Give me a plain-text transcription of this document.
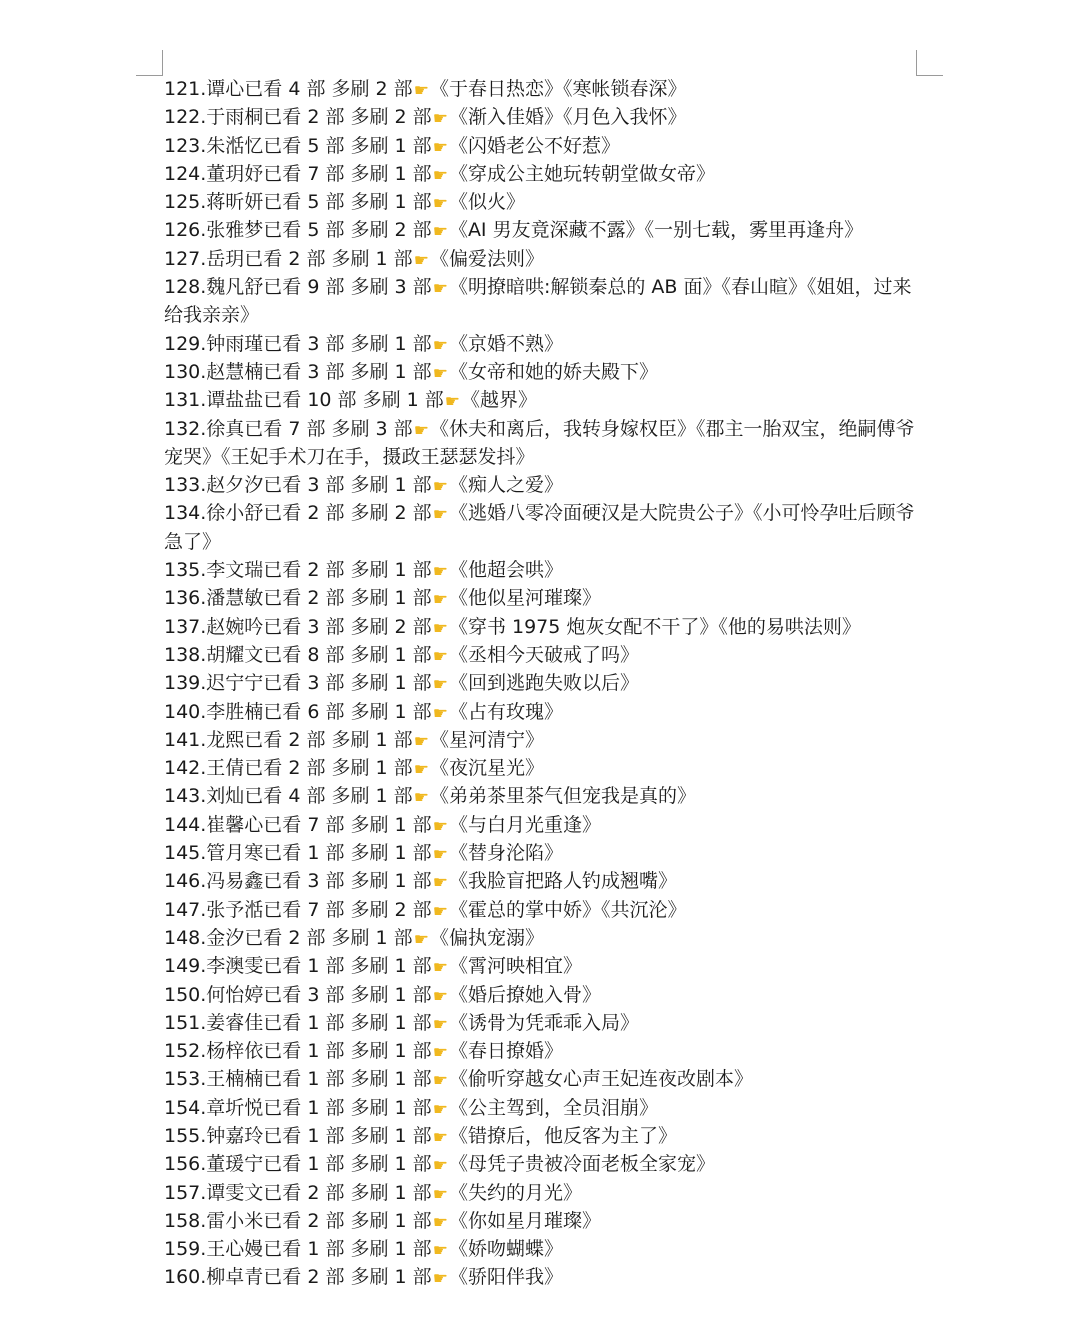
121.谭心已看 4 部 多刷 2 部☛《于春日热恋》《寒帐锁春深》
122.于雨桐已看 2 部 多刷 2 部☛《渐入佳婚》《月色入我怀》
123.朱湉忆已看 5 部 多刷 1 部☛《闪婚老公不好惹》
124.董玥妤已看 7 部 多刷 1 部☛《穿成公主她玩转朝堂做女帝》
125.蒋昕妍已看 5 部 多刷 1 部☛《似火》
126.张雅梦已看 5 部 多刷 2 部☛《AI 男友竟深藏不露》《一别七载，雾里再逢舟》
127.岳玥已看 2 部 多刷 1 部☛《偏爱法则》
128.魏凡舒已看 9 部 多刷 3 部☛《明撩暗哄:解锁秦总的 AB 面》《春山暄》《姐姐，过来给我亲亲》
129.钟雨瑾已看 3 部 多刷 1 部☛《京婚不熟》
130.赵慧楠已看 3 部 多刷 1 部☛《女帝和她的娇夫殿下》
131.谭盐盐已看 10 部 多刷 1 部☛《越界》
132.徐真已看 7 部 多刷 3 部☛《休夫和离后，我转身嫁权臣》《郡主一胎双宝，绝嗣傅爷宠哭》《王妃手术刀在手，摄政王瑟瑟发抖》
133.赵夕汐已看 3 部 多刷 1 部☛《痴人之爱》
134.徐小舒已看 2 部 多刷 2 部☛《逃婚八零冷面硬汉是大院贵公子》《小可怜孕吐后顾爷急了》
135.李文瑞已看 2 部 多刷 1 部☛《他超会哄》
136.潘慧敏已看 2 部 多刷 1 部☛《他似星河璀璨》
137.赵婉吟已看 3 部 多刷 2 部☛《穿书 1975 炮灰女配不干了》《他的易哄法则》
138.胡耀文已看 8 部 多刷 1 部☛《丞相今天破戒了吗》
139.迟宁宁已看 3 部 多刷 1 部☛《回到逃跑失败以后》
140.李胜楠已看 6 部 多刷 1 部☛《占有玫瑰》
141.龙熙已看 2 部 多刷 1 部☛《星河清宁》
142.王倩已看 2 部 多刷 1 部☛《夜沉星光》
143.刘灿已看 4 部 多刷 1 部☛《弟弟茶里茶气但宠我是真的》
144.崔馨心已看 7 部 多刷 1 部☛《与白月光重逢》
145.管月寒已看 1 部 多刷 1 部☛《替身沦陷》
146.冯易鑫已看 3 部 多刷 1 部☛《我脸盲把路人钓成翘嘴》
147.张予湉已看 7 部 多刷 2 部☛《霍总的掌中娇》《共沉沦》
148.金汐已看 2 部 多刷 1 部☛《偏执宠溺》
149.李澳雯已看 1 部 多刷 1 部☛《霄河映相宜》
150.何怡婷已看 3 部 多刷 1 部☛《婚后撩她入骨》
151.姜睿佳已看 1 部 多刷 1 部☛《诱骨为凭乖乖入局》
152.杨梓依已看 1 部 多刷 1 部☛《春日撩婚》
153.王楠楠已看 1 部 多刷 1 部☛《偷听穿越女心声王妃连夜改剧本》
154.章圻悦已看 1 部 多刷 1 部☛《公主驾到，全员泪崩》
155.钟嘉玲已看 1 部 多刷 1 部☛《错撩后，他反客为主了》
156.董瑗宁已看 1 部 多刷 1 部☛《母凭子贵被冷面老板全家宠》
157.谭雯文已看 2 部 多刷 1 部☛《失约的月光》
158.雷小米已看 2 部 多刷 1 部☛《你如星月璀璨》
159.王心嫚已看 1 部 多刷 1 部☛《娇吻蝴蝶》
160.柳卓青已看 2 部 多刷 1 部☛《骄阳伴我》
